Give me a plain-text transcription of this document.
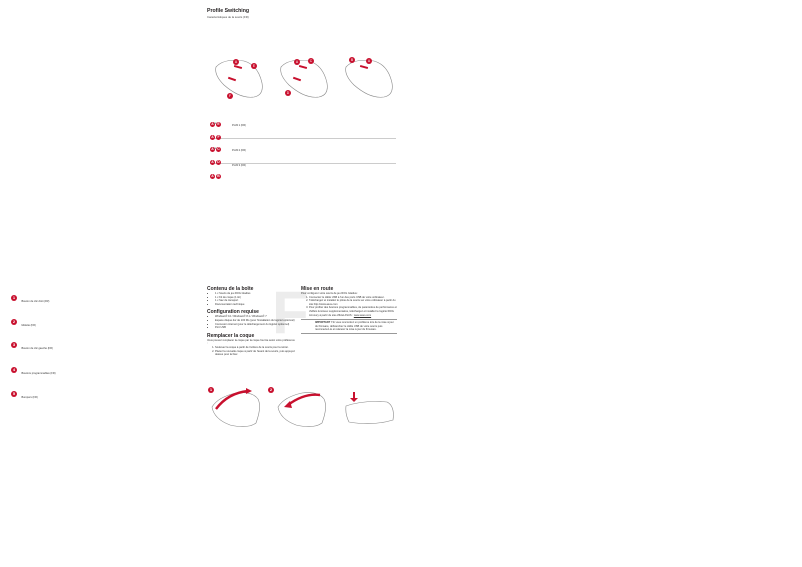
Profile Switching
Caractéristiques de la souris (FR)
A
E
F
A	C
D
B	A
A E
or
A F
Profil 1 (FR)
A C
or
A D
Profil 2 (FR)
A B
Profil 3 (FR)
1 Bouton de clic droit (FR)
2 Molette (FR)
3 Bouton de clic gauche (FR)
4 Boutons programmables (FR)
5 Bumpers (FR)
F
Contenu de la boîte
• 1 x Souris de jeu ROG Gladius
• 1 x Kit de coque (1 kit)
• 1 x Sac de transport
• Documentation technique
Configuration requise
• Windows® 10 / Windows® 8.1 / Windows® 7
• Espace disque dur de 100 Mo (pour l'installation du logiciel optionnel)
• Connexion internet (pour le téléchargement du logiciel optionnel)
• Port USB
Remplacer la coque
Vous pouvez remplacer la coque par la coque fournie selon votre préférence :
1. Soulevez la coque à partir de l'arrière de la souris pour la retirer.
2. Placez la nouvelle coque à partir de l'avant de la souris, puis appuyez dessus pour la fixer.
Mise en route
Pour configurer votre souris de jeu ROG Gladius :
1. Connectez le câble USB à l'un des ports USB de votre ordinateur.
2. Téléchargez et installez le pilote de la souris sur votre ordinateur à partir du site http://www.asus.com
3. Pour profiter des boutons programmables, de paramètres de performance et d'effets lumineux supplémentaires, téléchargez et installez le logiciel ROG Armoury à partir du site officiel ASUS : www.asus.com
IMPORTANT ! Si vous rencontrez un problème lors de la mise à jour du firmware, débranchez le câble USB de votre souris puis reconnectez-le et relancez la mise à jour du firmware.
1	2
